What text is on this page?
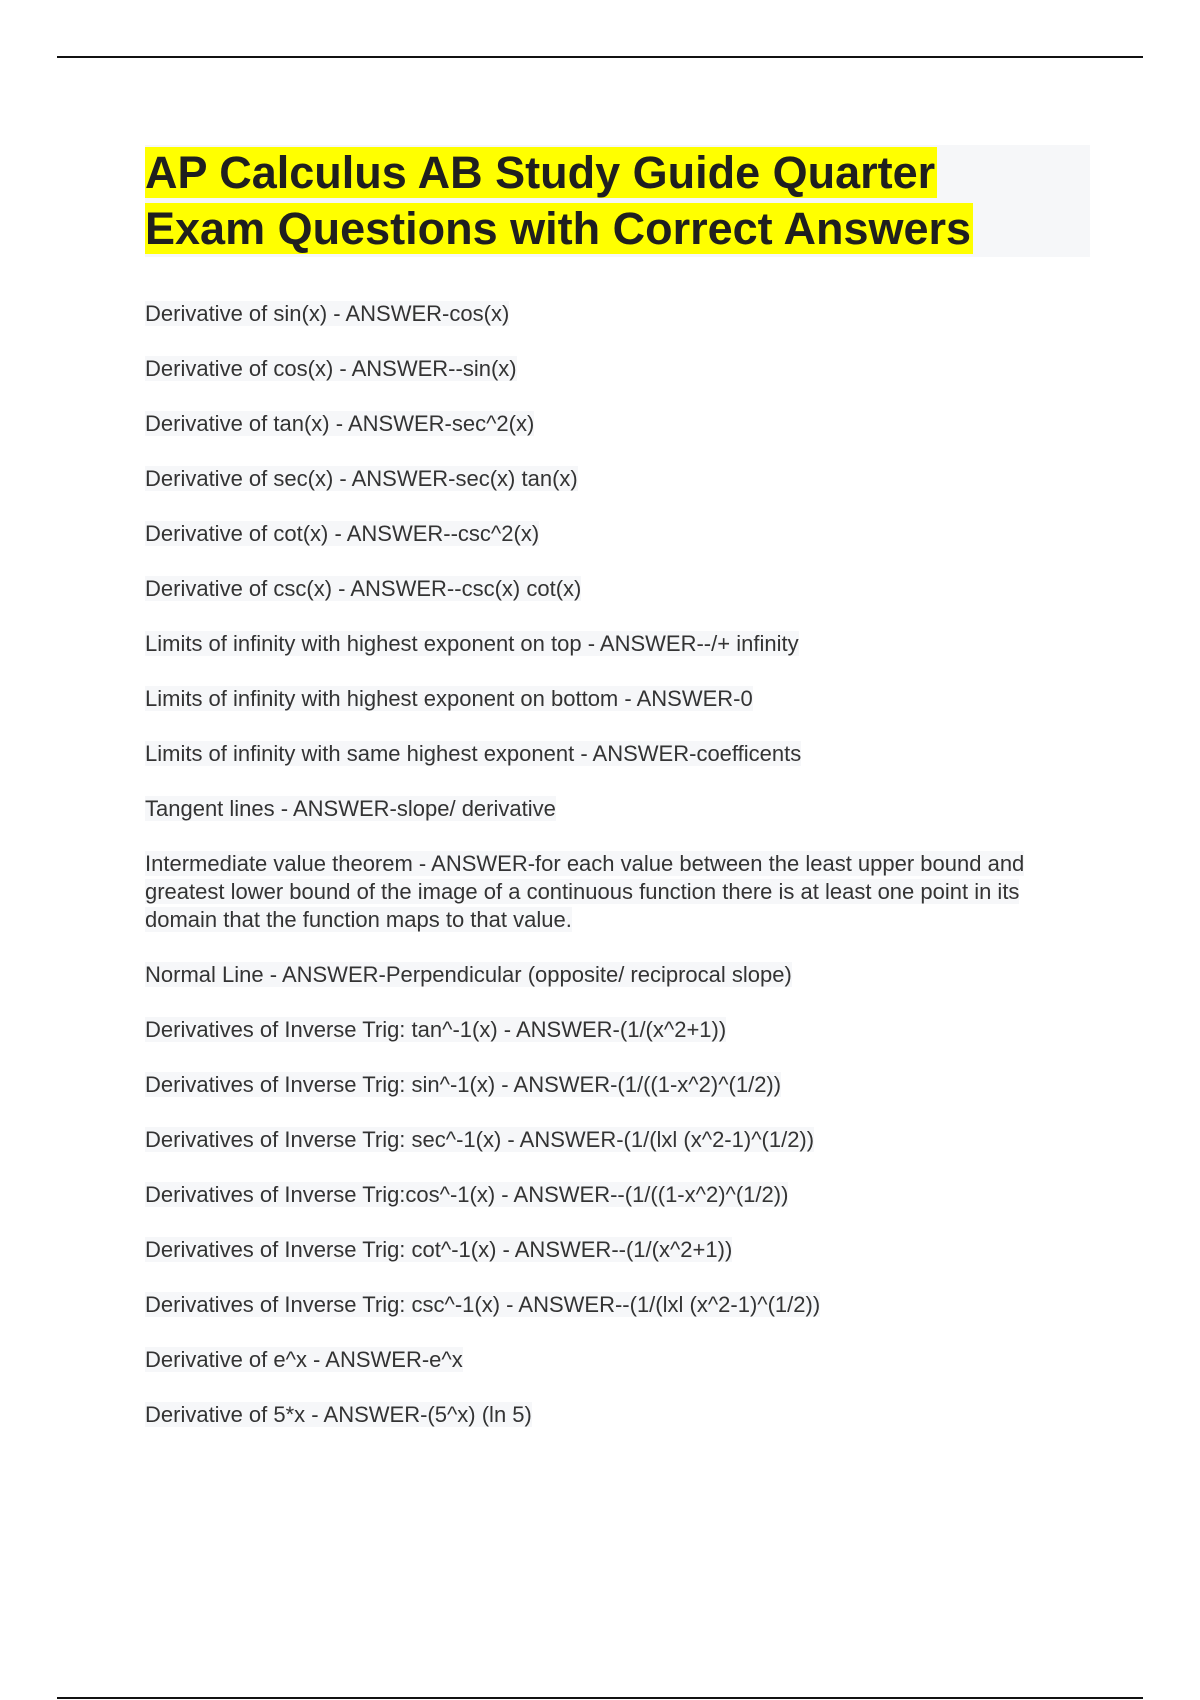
AP Calculus AB Study Guide Quarter
Exam Questions with Correct Answers
Derivative of sin(x) - ANSWER-cos(x)
Derivative of cos(x) - ANSWER--sin(x)
Derivative of tan(x) - ANSWER-sec^2(x)
Derivative of sec(x) - ANSWER-sec(x) tan(x)
Derivative of cot(x) - ANSWER--csc^2(x)
Derivative of csc(x) - ANSWER--csc(x) cot(x)
Limits of infinity with highest exponent on top - ANSWER--/+ infinity
Limits of infinity with highest exponent on bottom - ANSWER-0
Limits of infinity with same highest exponent - ANSWER-coefficents
Tangent lines - ANSWER-slope/ derivative
Intermediate value theorem - ANSWER-for each value between the least upper bound and greatest lower bound of the image of a continuous function there is at least one point in its domain that the function maps to that value.
Normal Line - ANSWER-Perpendicular (opposite/ reciprocal slope)
Derivatives of Inverse Trig: tan^-1(x) - ANSWER-(1/(x^2+1))
Derivatives of Inverse Trig: sin^-1(x) - ANSWER-(1/((1-x^2)^(1/2))
Derivatives of Inverse Trig: sec^-1(x) - ANSWER-(1/(lxl (x^2-1)^(1/2))
Derivatives of Inverse Trig:cos^-1(x) - ANSWER--(1/((1-x^2)^(1/2))
Derivatives of Inverse Trig: cot^-1(x) - ANSWER--(1/(x^2+1))
Derivatives of Inverse Trig: csc^-1(x) - ANSWER--(1/(lxl (x^2-1)^(1/2))
Derivative of e^x - ANSWER-e^x
Derivative of 5*x - ANSWER-(5^x) (ln 5)
